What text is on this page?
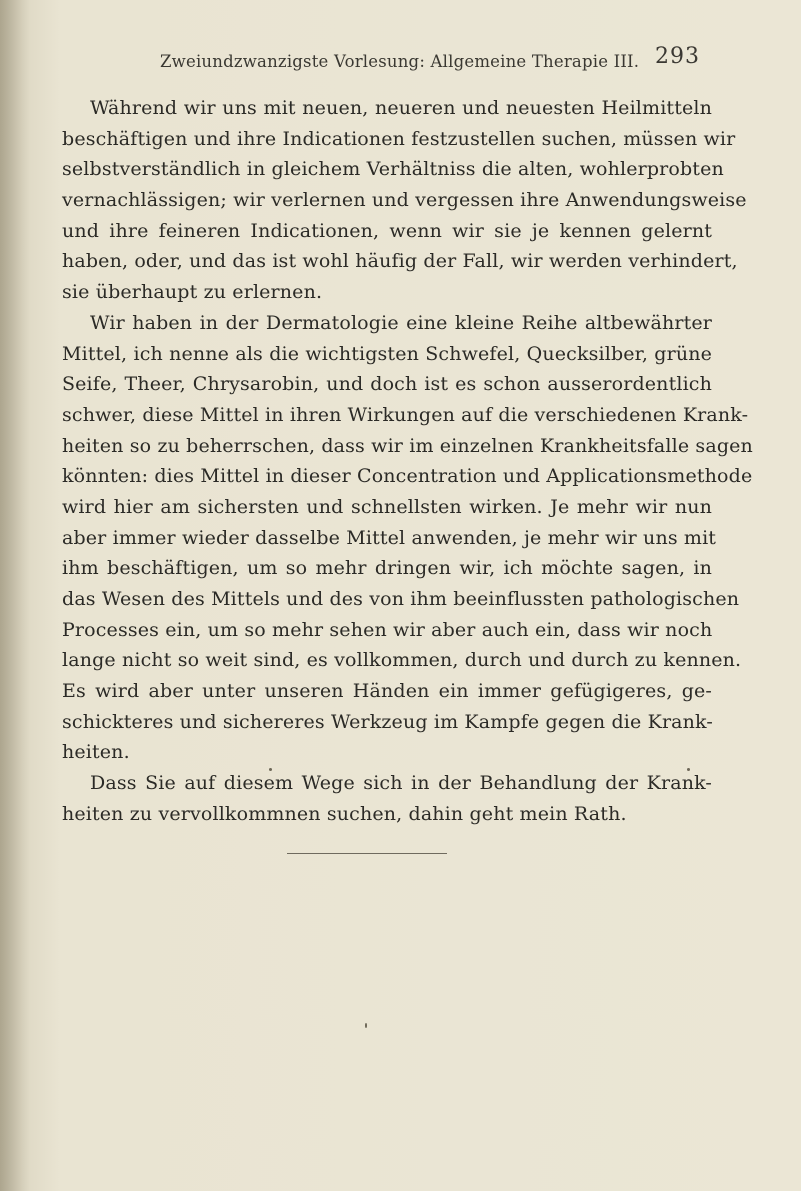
Zweiundzwanzigste Vorlesung: Allgemeine Therapie III. 293
Während wir uns mit neuen, neueren und neuesten Heilmitteln
beschäftigen und ihre Indicationen festzustellen suchen, müssen wir
selbstverständlich in gleichem Verhältniss die alten, wohlerprobten
vernachlässigen; wir verlernen und vergessen ihre Anwendungsweise
und ihre feineren Indicationen, wenn wir sie je kennen gelernt
haben, oder, und das ist wohl häufig der Fall, wir werden verhindert,
sie überhaupt zu erlernen.
Wir haben in der Dermatologie eine kleine Reihe altbewährter
Mittel, ich nenne als die wichtigsten Schwefel, Quecksilber, grüne
Seife, Theer, Chrysarobin, und doch ist es schon ausserordentlich
schwer, diese Mittel in ihren Wirkungen auf die verschiedenen Krank-
heiten so zu beherrschen, dass wir im einzelnen Krankheitsfalle sagen
könnten: dies Mittel in dieser Concentration und Applicationsmethode
wird hier am sichersten und schnellsten wirken. Je mehr wir nun
aber immer wieder dasselbe Mittel anwenden, je mehr wir uns mit
ihm beschäftigen, um so mehr dringen wir, ich möchte sagen, in
das Wesen des Mittels und des von ihm beeinflussten pathologischen
Processes ein, um so mehr sehen wir aber auch ein, dass wir noch
lange nicht so weit sind, es vollkommen, durch und durch zu kennen.
Es wird aber unter unseren Händen ein immer gefügigeres, ge-
schickteres und sichereres Werkzeug im Kampfe gegen die Krank-
heiten.
Dass Sie auf diesem Wege sich in der Behandlung der Krank-
heiten zu vervollkommnen suchen, dahin geht mein Rath.
